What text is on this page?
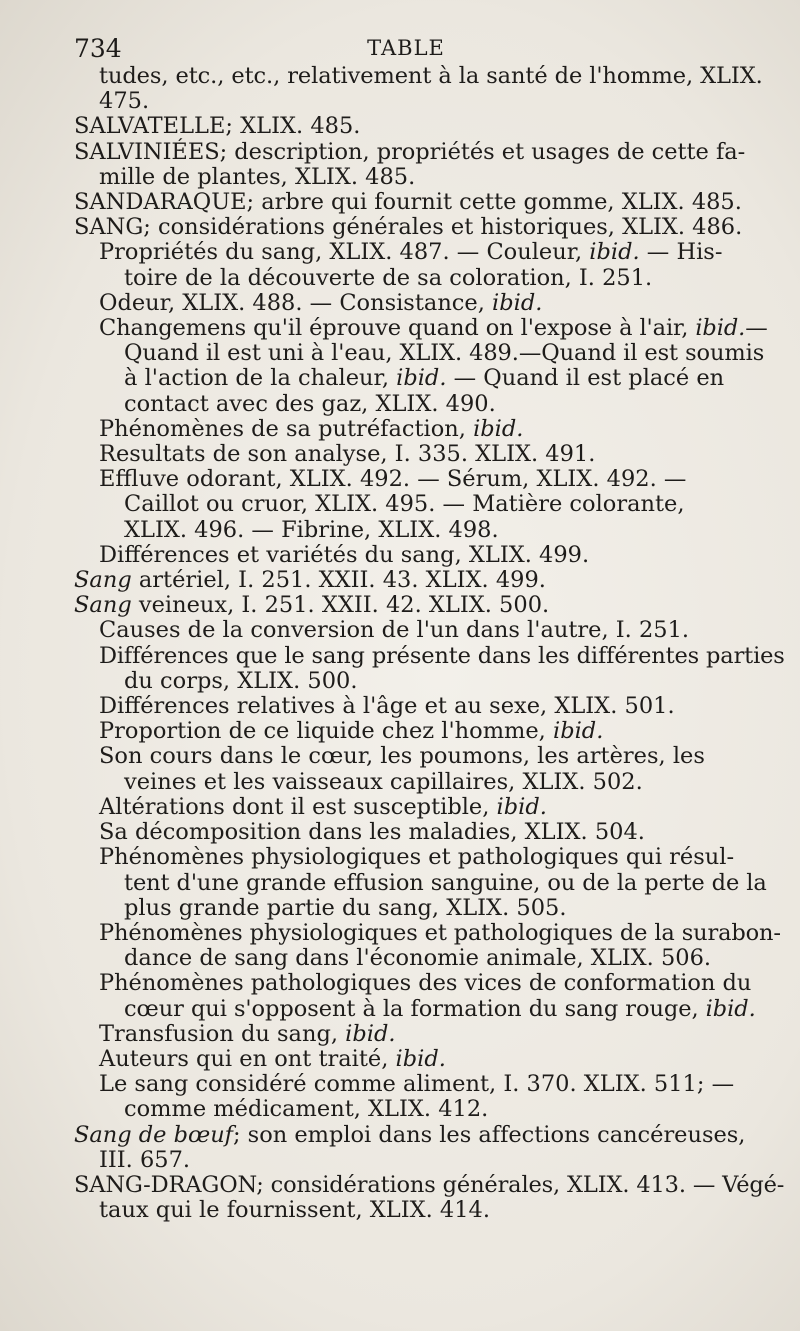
734	TABLE
tudes, etc., etc., relativement à la santé de l'homme, XLIX.
475.
SALVATELLE; XLIX. 485.
SALVINIÉES; description, propriétés et usages de cette fa-
mille de plantes, XLIX. 485.
SANDARAQUE; arbre qui fournit cette gomme, XLIX. 485.
SANG; considérations générales et historiques, XLIX. 486.
Propriétés du sang, XLIX. 487. — Couleur, ibid. — His-
toire de la découverte de sa coloration, I. 251.
Odeur, XLIX. 488. — Consistance, ibid.
Changemens qu'il éprouve quand on l'expose à l'air, ibid.—
Quand il est uni à l'eau, XLIX. 489.—Quand il est soumis
à l'action de la chaleur, ibid. — Quand il est placé en
contact avec des gaz, XLIX. 490.
Phénomènes de sa putréfaction, ibid.
Resultats de son analyse, I. 335. XLIX. 491.
Effluve odorant, XLIX. 492. — Sérum, XLIX. 492. —
Caillot ou cruor, XLIX. 495. — Matière colorante,
XLIX. 496. — Fibrine, XLIX. 498.
Différences et variétés du sang, XLIX. 499.
Sang artériel, I. 251. XXII. 43. XLIX. 499.
Sang veineux, I. 251. XXII. 42. XLIX. 500.
Causes de la conversion de l'un dans l'autre, I. 251.
Différences que le sang présente dans les différentes parties
du corps, XLIX. 500.
Différences relatives à l'âge et au sexe, XLIX. 501.
Proportion de ce liquide chez l'homme, ibid.
Son cours dans le cœur, les poumons, les artères, les
veines et les vaisseaux capillaires, XLIX. 502.
Altérations dont il est susceptible, ibid.
Sa décomposition dans les maladies, XLIX. 504.
Phénomènes physiologiques et pathologiques qui résul-
tent d'une grande effusion sanguine, ou de la perte de la
plus grande partie du sang, XLIX. 505.
Phénomènes physiologiques et pathologiques de la surabon-
dance de sang dans l'économie animale, XLIX. 506.
Phénomènes pathologiques des vices de conformation du
cœur qui s'opposent à la formation du sang rouge, ibid.
Transfusion du sang, ibid.
Auteurs qui en ont traité, ibid.
Le sang considéré comme aliment, I. 370. XLIX. 511; —
comme médicament, XLIX. 412.
Sang de bœuf; son emploi dans les affections cancéreuses,
III. 657.
SANG-DRAGON; considérations générales, XLIX. 413. — Végé-
taux qui le fournissent, XLIX. 414.
